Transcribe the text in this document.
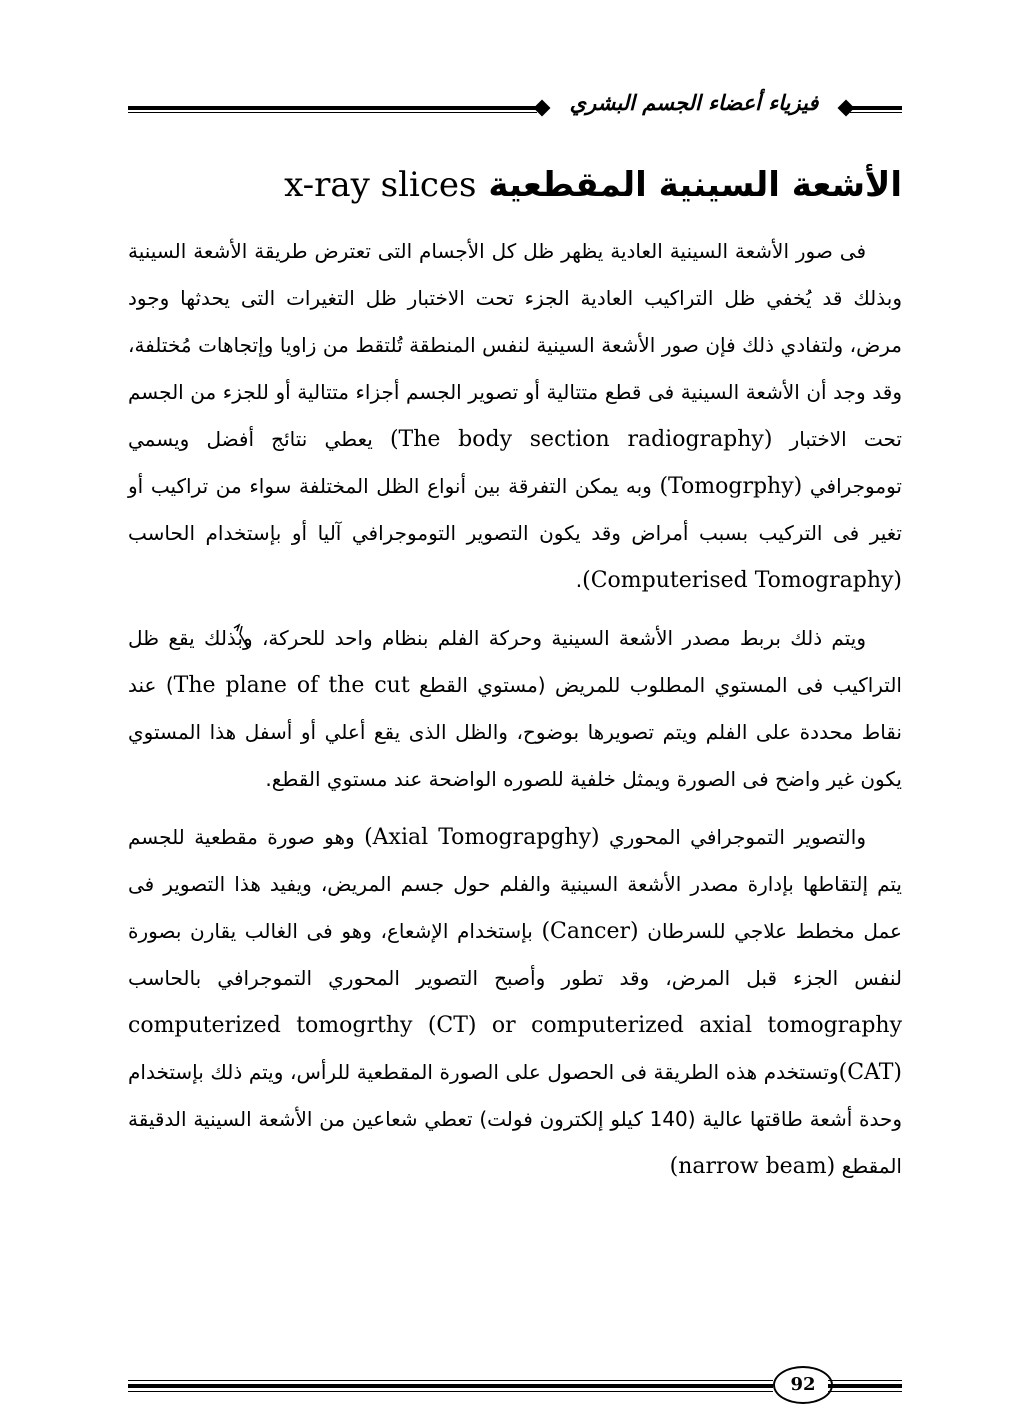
فيزياء أعضاء الجسم البشري
الأشعة السينية المقطعية x-ray slices

فى صور الأشعة السينية العادية يظهر ظل كل الأجسام التى تعترض طريقة الأشعة السينية وبذلك قد يُخفي ظل التراكيب العادية الجزء تحت الاختبار ظل التغيرات التى يحدثها وجود مرض، ولتفادي ذلك فإن صور الأشعة السينية لنفس المنطقة تُلتقط من زاويا وإتجاهات مُختلفة، وقد وجد أن الأشعة السينية فى قطع متتالية أو تصوير الجسم أجزاء متتالية أو للجزء من الجسم تحت الاختبار (The body section radiography) يعطي نتائج أفضل ويسمي توموجرافي (Tomogrphy) وبه يمكن التفرقة بين أنواع الظل المختلفة سواء من تراكيب أو تغير فى التركيب بسبب أمراض وقد يكون التصوير التوموجرافي آليا أو بإستخدام الحاسب (Computerised Tomography).

ويتم ذلك بربط مصدر الأشعة السينية وحركة الفلم بنظام واحد للحركة، وبذلك يقع ظل التراكيب فى المستوي المطلوب للمريض (مستوي القطع The plane of the cut) عند نقاط محددة على الفلم ويتم تصويرها بوضوح، والظل الذى يقع أعلي أو أسفل هذا المستوي يكون غير واضح فى الصورة ويمثل خلفية للصوره الواضحة عند مستوي القطع.

والتصوير التموجرافي المحوري (Axial Tomograpghy) وهو صورة مقطعية للجسم يتم إلتقاطها بإدارة مصدر الأشعة السينية والفلم حول جسم المريض، ويفيد هذا التصوير فى عمل مخطط علاجي للسرطان (Cancer) بإستخدام الإشعاع، وهو فى الغالب يقارن بصورة لنفس الجزء قبل المرض، وقد تطور وأصبح التصوير المحوري التموجرافي بالحاسب computerized tomogrthy (CT) or computerized axial tomography (CAT)وتستخدم هذه الطريقة فى الحصول على الصورة المقطعية للرأس، ويتم ذلك بإستخدام وحدة أشعة طاقتها عالية (140 كيلو إلكترون فولت) تعطي شعاعين من الأشعة السينية الدقيقة المقطع (narrow beam)

92
